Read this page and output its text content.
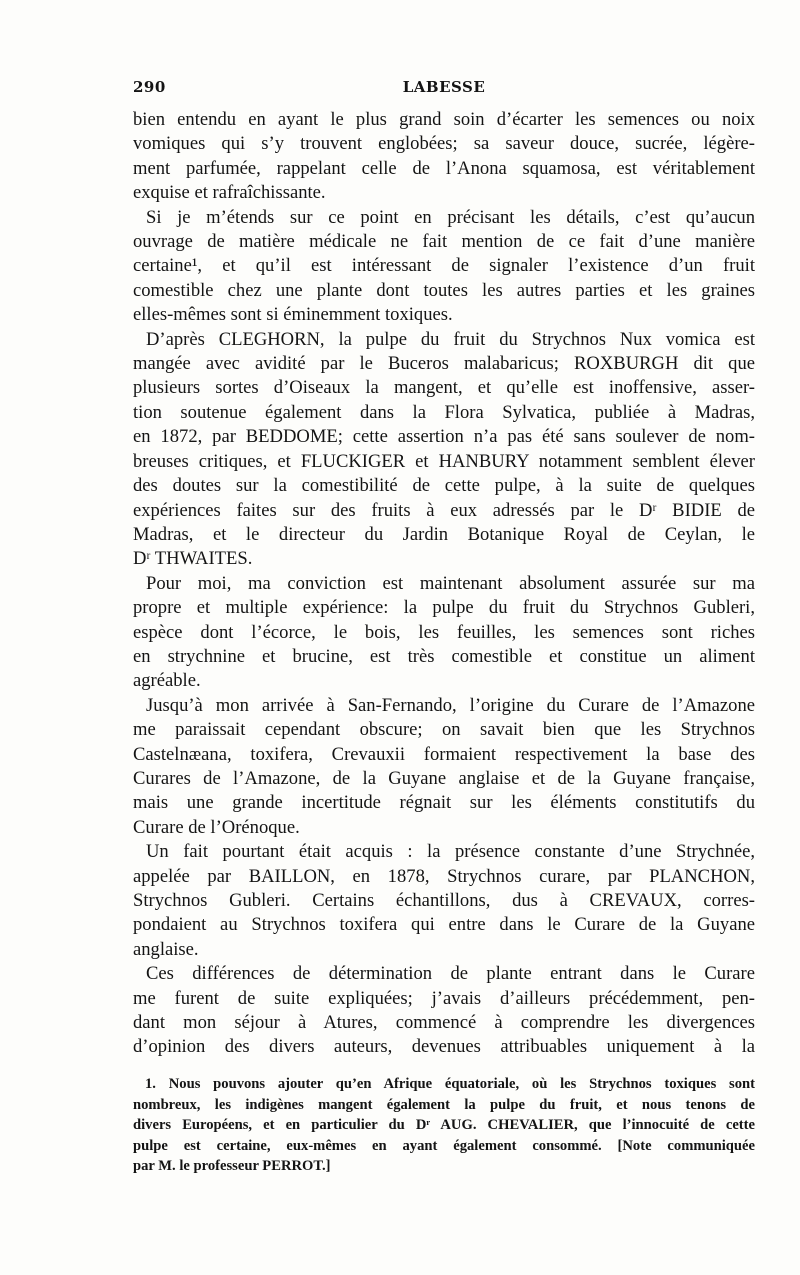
290	LABESSE
bien entendu en ayant le plus grand soin d’écarter les semences ou noix
vomiques qui s’y trouvent englobées; sa saveur douce, sucrée, légère-
ment parfumée, rappelant celle de l’Anona squamosa, est véritablement
exquise et rafraîchissante.
Si je m’étends sur ce point en précisant les détails, c’est qu’aucun
ouvrage de matière médicale ne fait mention de ce fait d’une manière
certaine¹, et qu’il est intéressant de signaler l’existence d’un fruit
comestible chez une plante dont toutes les autres parties et les graines
elles-mêmes sont si éminemment toxiques.
D’après CLEGHORN, la pulpe du fruit du Strychnos Nux vomica est
mangée avec avidité par le Buceros malabaricus; ROXBURGH dit que
plusieurs sortes d’Oiseaux la mangent, et qu’elle est inoffensive, asser-
tion soutenue également dans la Flora Sylvatica, publiée à Madras,
en 1872, par BEDDOME; cette assertion n’a pas été sans soulever de nom-
breuses critiques, et FLUCKIGER et HANBURY notamment semblent élever
des doutes sur la comestibilité de cette pulpe, à la suite de quelques
expériences faites sur des fruits à eux adressés par le Dʳ BIDIE de
Madras, et le directeur du Jardin Botanique Royal de Ceylan, le
Dʳ THWAITES.
Pour moi, ma conviction est maintenant absolument assurée sur ma
propre et multiple expérience: la pulpe du fruit du Strychnos Gubleri,
espèce dont l’écorce, le bois, les feuilles, les semences sont riches
en strychnine et brucine, est très comestible et constitue un aliment
agréable.
Jusqu’à mon arrivée à San-Fernando, l’origine du Curare de l’Amazone
me paraissait cependant obscure; on savait bien que les Strychnos
Castelnæana, toxifera, Crevauxii formaient respectivement la base des
Curares de l’Amazone, de la Guyane anglaise et de la Guyane française,
mais une grande incertitude régnait sur les éléments constitutifs du
Curare de l’Orénoque.
Un fait pourtant était acquis : la présence constante d’une Strychnée,
appelée par BAILLON, en 1878, Strychnos curare, par PLANCHON,
Strychnos Gubleri. Certains échantillons, dus à CREVAUX, corres-
pondaient au Strychnos toxifera qui entre dans le Curare de la Guyane
anglaise.
Ces différences de détermination de plante entrant dans le Curare
me furent de suite expliquées; j’avais d’ailleurs précédemment, pen-
dant mon séjour à Atures, commencé à comprendre les divergences
d’opinion des divers auteurs, devenues attribuables uniquement à la
1. Nous pouvons ajouter qu’en Afrique équatoriale, où les Strychnos toxiques sont
nombreux, les indigènes mangent également la pulpe du fruit, et nous tenons de
divers Européens, et en particulier du Dʳ AUG. CHEVALIER, que l’innocuité de cette
pulpe est certaine, eux-mêmes en ayant également consommé. [Note communiquée
par M. le professeur PERROT.]
